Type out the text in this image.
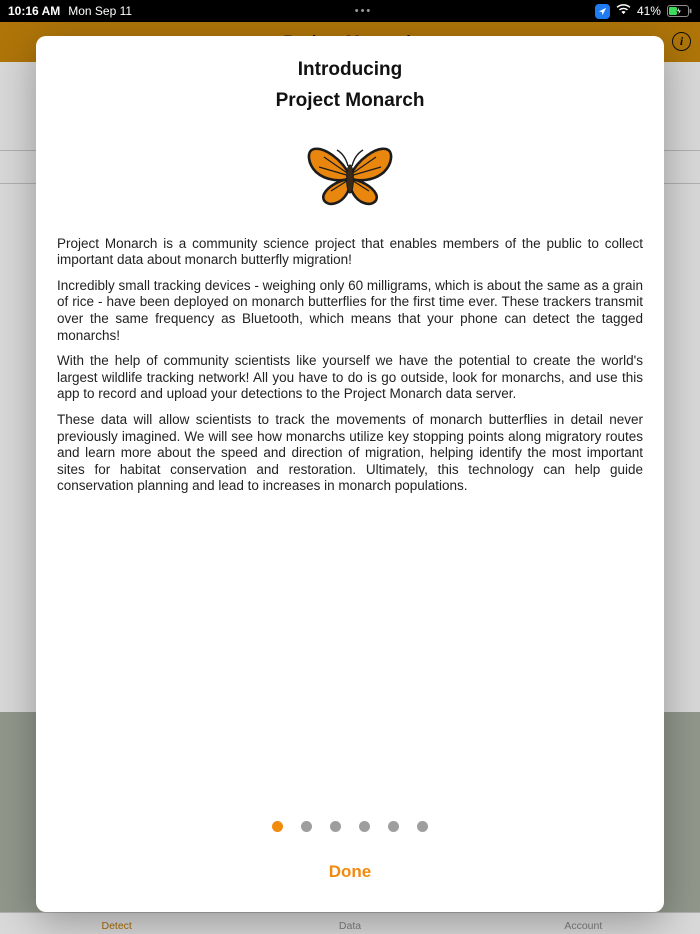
i
Detect	Data	Account
10:16 AM Mon Sep 11	•••	41%
Introducing
Project Monarch

Project Monarch is a community science project that enables members of the public to collect important data about monarch butterfly migration!

Incredibly small tracking devices - weighing only 60 milligrams, which is about the same as a grain of rice - have been deployed on monarch butterflies for the first time ever. These trackers transmit over the same frequency as Bluetooth, which means that your phone can detect the tagged monarchs!

With the help of community scientists like yourself we have the potential to create the world's largest wildlife tracking network! All you have to do is go outside, look for monarchs, and use this app to record and upload your detections to the Project Monarch data server.

These data will allow scientists to track the movements of monarch butterflies in detail never previously imagined. We will see how monarchs utilize key stopping points along migratory routes and learn more about the speed and direction of migration, helping identify the most important sites for habitat conservation and restoration. Ultimately, this technology can help guide conservation planning and lead to increases in monarch populations.

Done
